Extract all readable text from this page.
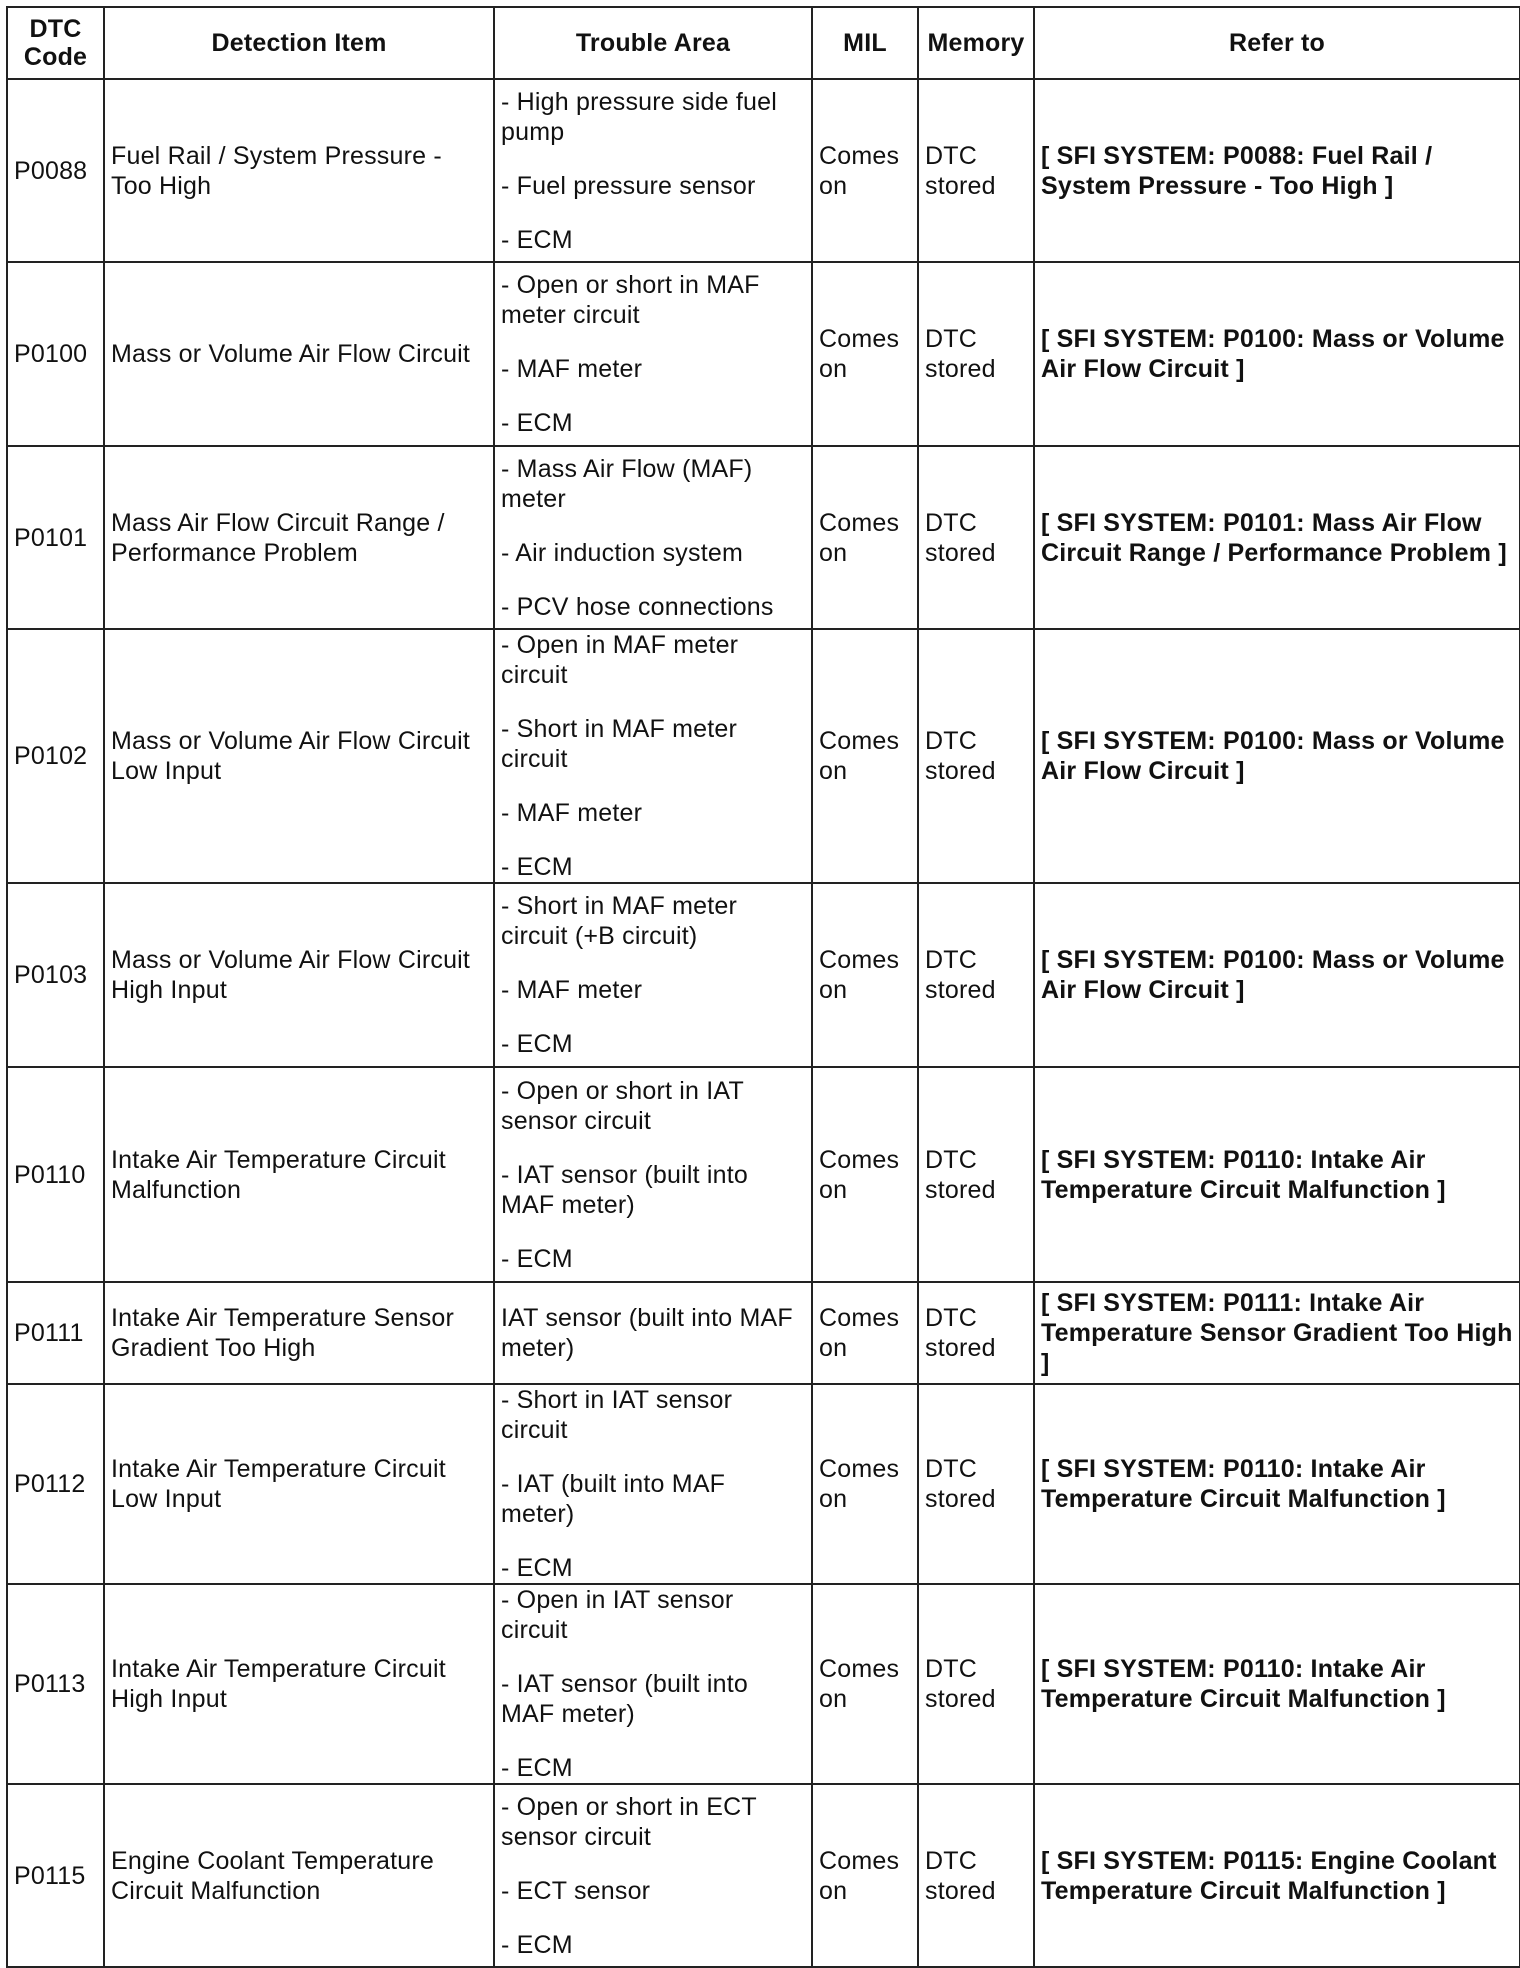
DTC Code	Detection Item	Trouble Area	MIL	Memory	Refer to
P0088	Fuel Rail / System Pressure - Too High	- High pressure side fuel pump
- Fuel pressure sensor
- ECM	Comes on	DTC stored	[ SFI SYSTEM: P0088: Fuel Rail / System Pressure - Too High ]
P0100	Mass or Volume Air Flow Circuit	- Open or short in MAF meter circuit
- MAF meter
- ECM	Comes on	DTC stored	[ SFI SYSTEM: P0100: Mass or Volume Air Flow Circuit ]
P0101	Mass Air Flow Circuit Range / Performance Problem	- Mass Air Flow (MAF) meter
- Air induction system
- PCV hose connections	Comes on	DTC stored	[ SFI SYSTEM: P0101: Mass Air Flow Circuit Range / Performance Problem ]
P0102	Mass or Volume Air Flow Circuit Low Input	- Open in MAF meter circuit
- Short in MAF meter circuit
- MAF meter
- ECM	Comes on	DTC stored	[ SFI SYSTEM: P0100: Mass or Volume Air Flow Circuit ]
P0103	Mass or Volume Air Flow Circuit High Input	- Short in MAF meter circuit (+B circuit)
- MAF meter
- ECM	Comes on	DTC stored	[ SFI SYSTEM: P0100: Mass or Volume Air Flow Circuit ]
P0110	Intake Air Temperature Circuit Malfunction	- Open or short in IAT sensor circuit
- IAT sensor (built into MAF meter)
- ECM	Comes on	DTC stored	[ SFI SYSTEM: P0110: Intake Air Temperature Circuit Malfunction ]
P0111	Intake Air Temperature Sensor Gradient Too High	IAT sensor (built into MAF meter)	Comes on	DTC stored	[ SFI SYSTEM: P0111: Intake Air Temperature Sensor Gradient Too High ]
P0112	Intake Air Temperature Circuit Low Input	- Short in IAT sensor circuit
- IAT (built into MAF meter)
- ECM	Comes on	DTC stored	[ SFI SYSTEM: P0110: Intake Air Temperature Circuit Malfunction ]
P0113	Intake Air Temperature Circuit High Input	- Open in IAT sensor circuit
- IAT sensor (built into MAF meter)
- ECM	Comes on	DTC stored	[ SFI SYSTEM: P0110: Intake Air Temperature Circuit Malfunction ]
P0115	Engine Coolant Temperature Circuit Malfunction	- Open or short in ECT sensor circuit
- ECT sensor
- ECM	Comes on	DTC stored	[ SFI SYSTEM: P0115: Engine Coolant Temperature Circuit Malfunction ]
